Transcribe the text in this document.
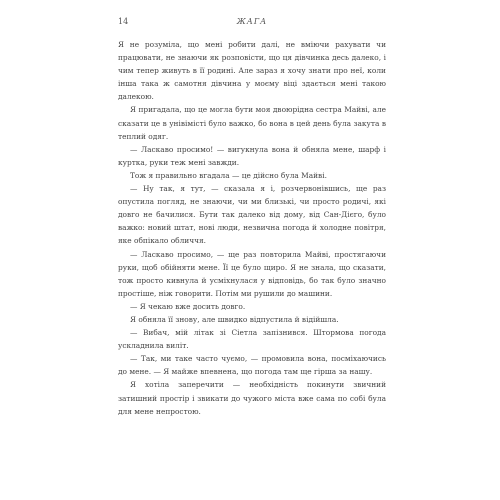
14	ЖАГА

Я не розуміла, що мені робити далі, не вміючи рахувати чи працювати, не знаючи як розповісти, що ця дівчинка десь далеко, і чим тепер живуть в її родині. Але зараз я хочу знати про неї, коли інша така ж самотня дівчина у моєму віці здається мені такою далекою.

Я пригадала, що це могла бути моя двоюрідна сестра Майві, але сказати це в унівімісті було важко, бо вона в цей день була закута в теплий одяг.

— Ласкаво просимо! — вигукнула вона й обняла мене, шарф і куртка, руки теж мені завжди.

Тож я правильно вгадала — це дійсно була Майві.

— Ну так, я тут, — сказала я і, розчервонівшись, ще раз опустила погляд, не знаючи, чи ми близькі, чи просто родичі, які довго не бачилися. Бути так далеко від дому, від Сан-Дієго, було важко: новий штат, нові люди, незвична погода й холодне повітря, яке обпікало обличчя.

— Ласкаво просимо, — ще раз повторила Майві, простягаючи руки, щоб обійняти мене. Її це було щиро. Я не знала, що сказати, тож просто кивнула й усміхнулася у відповідь, бо так було значно простіше, ніж говорити. Потім ми рушили до машини.

— Я чекаю вже досить довго.

Я обняла її знову, але швидко відпустила й відійшла.

— Вибач, мій літак зі Сіетла запізнився. Штормова погода ускладнила виліт.

— Так, ми таке часто чуємо, — промовила вона, посміхаючись до мене. — Я майже впевнена, що погода там ще гірша за нашу.

Я хотіла заперечити — необхідність покинути звичний затишний простір і звикати до чужого міста вже сама по собі була для мене непростою.
